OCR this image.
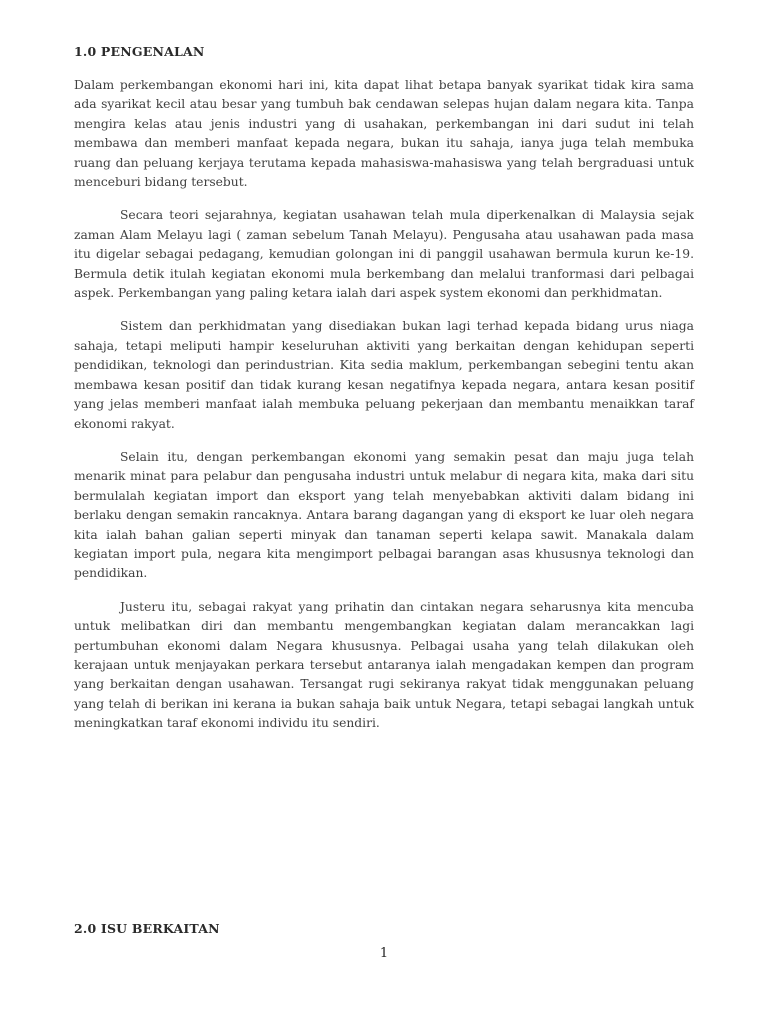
1.0 PENGENALAN

Dalam perkembangan ekonomi hari ini, kita dapat lihat betapa banyak syarikat tidak kira sama ada syarikat kecil atau besar yang tumbuh bak cendawan selepas hujan dalam negara kita. Tanpa mengira kelas atau jenis industri yang di usahakan, perkembangan ini dari sudut ini telah membawa dan memberi manfaat kepada negara, bukan itu sahaja, ianya juga telah membuka ruang dan peluang kerjaya terutama kepada mahasiswa-mahasiswa yang telah bergraduasi untuk menceburi bidang tersebut.

Secara teori sejarahnya, kegiatan usahawan telah mula diperkenalkan di Malaysia sejak zaman Alam Melayu lagi ( zaman sebelum Tanah Melayu). Pengusaha atau usahawan pada masa itu digelar sebagai pedagang, kemudian golongan ini di panggil usahawan bermula kurun ke-19. Bermula detik itulah kegiatan ekonomi mula berkembang dan melalui tranformasi dari pelbagai aspek. Perkembangan yang paling ketara ialah dari aspek system ekonomi dan perkhidmatan.

Sistem dan perkhidmatan yang disediakan bukan lagi terhad kepada bidang urus niaga sahaja, tetapi meliputi hampir keseluruhan aktiviti yang berkaitan dengan kehidupan seperti pendidikan, teknologi dan perindustrian. Kita sedia maklum, perkembangan sebegini tentu akan membawa kesan positif dan tidak kurang kesan negatifnya kepada negara, antara kesan positif yang jelas memberi manfaat ialah membuka peluang pekerjaan dan membantu menaikkan taraf ekonomi rakyat.

Selain itu, dengan perkembangan ekonomi yang semakin pesat dan maju juga telah menarik minat para pelabur dan pengusaha industri untuk melabur di negara kita, maka dari situ bermulalah kegiatan import dan eksport yang telah menyebabkan aktiviti dalam bidang ini berlaku dengan semakin rancaknya. Antara barang dagangan yang di eksport ke luar oleh negara kita ialah bahan galian seperti minyak dan tanaman seperti kelapa sawit. Manakala dalam kegiatan import pula, negara kita mengimport pelbagai barangan asas khususnya teknologi dan pendidikan.

Justeru itu, sebagai rakyat yang prihatin dan cintakan negara seharusnya kita mencuba untuk melibatkan diri dan membantu mengembangkan kegiatan dalam merancakkan lagi pertumbuhan ekonomi dalam Negara khususnya. Pelbagai usaha yang telah dilakukan oleh kerajaan untuk menjayakan perkara tersebut antaranya ialah mengadakan kempen dan program yang berkaitan dengan usahawan. Tersangat rugi sekiranya rakyat tidak menggunakan peluang yang telah di berikan ini kerana ia bukan sahaja baik untuk Negara, tetapi sebagai langkah untuk meningkatkan taraf ekonomi individu itu sendiri.

2.0 ISU BERKAITAN
1
